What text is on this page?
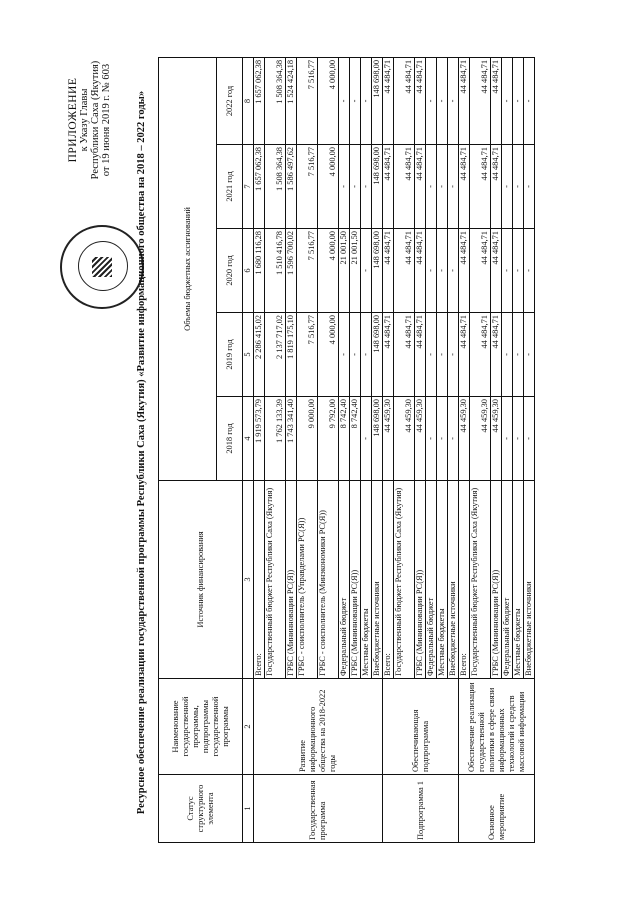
ПРИЛОЖЕНИЕ к Указу Главы Республики Саха (Якутия) от 19 июня 2019 г. № 603 Ресурсное обеспечение реализации государственной программы Республики Саха (Якутия) «Развитие информационного общества на 2018 – 2022 годы»	Статус структурного элемента	Наименование государственной программы, подпрограммы государственной программы	Источник финансирования	Объемы бюджетных ассигнований				
			2018 год	2019 год	2020 год	2021 год	2022 год
1	2	3	4	5	6	7	8
Государственная программа	Развитие информационного общества на 2018-2022 годы	Всего:	1 919 573,79	2 286 415,02	1 680 116,28	1 657 062,38	1 657 062,38
		Государственный бюджет Республики Саха (Якутия)	1 762 133,39	2 137 717,02	1 510 416,78	1 508 364,38	1 508 364,38
		ГРБС (Мининновации РС(Я))	1 743 341,40	1 819 175,10	1 596 700,02	1 586 497,62	1 524 424,18
		ГРБС - соисполнитель (Управделами РС(Я))	9 000,00	7 516,77	7 516,77	7 516,77	7 516,77
		ГРБС - соисполнитель (Минэкономики РС(Я))	9 792,00	4 000,00	4 000,00	4 000,00	4 000,00
		Федеральный бюджет	8 742,40	-	21 001,50	-	-
		ГРБС (Мининновации РС(Я))	8 742,40	-	21 001,50	-	-
		Местные бюджеты	-	-	-	-	-
		Внебюджетные источники	148 698,00	148 698,00	148 698,00	148 698,00	148 698,00
Подпрограмма 1	Обеспечивающая подпрограмма	Всего:	44 459,30	44 484,71	44 484,71	44 484,71	44 484,71
		Государственный бюджет Республики Саха (Якутия)	44 459,30	44 484,71	44 484,71	44 484,71	44 484,71
		ГРБС (Мининновации РС(Я))	44 459,30	44 484,71	44 484,71	44 484,71	44 484,71
		Федеральный бюджет	-	-	-	-	-
		Местные бюджеты	-	-	-	-	-
		Внебюджетные источники	-	-	-	-	-
Основное мероприятие	Обеспечение реализации государственной политики в сфере связи информационных технологий и средств массовой информации	Всего:	44 459,30	44 484,71	44 484,71	44 484,71	44 484,71
		Государственный бюджет Республики Саха (Якутия)	44 459,30	44 484,71	44 484,71	44 484,71	44 484,71
		ГРБС (Мининновации РС(Я))	44 459,30	44 484,71	44 484,71	44 484,71	44 484,71
		Федеральный бюджет	-	-	-	-	-
		Местные бюджеты	-	-	-	-	-
		Внебюджетные источники	-	-	-	-	-
